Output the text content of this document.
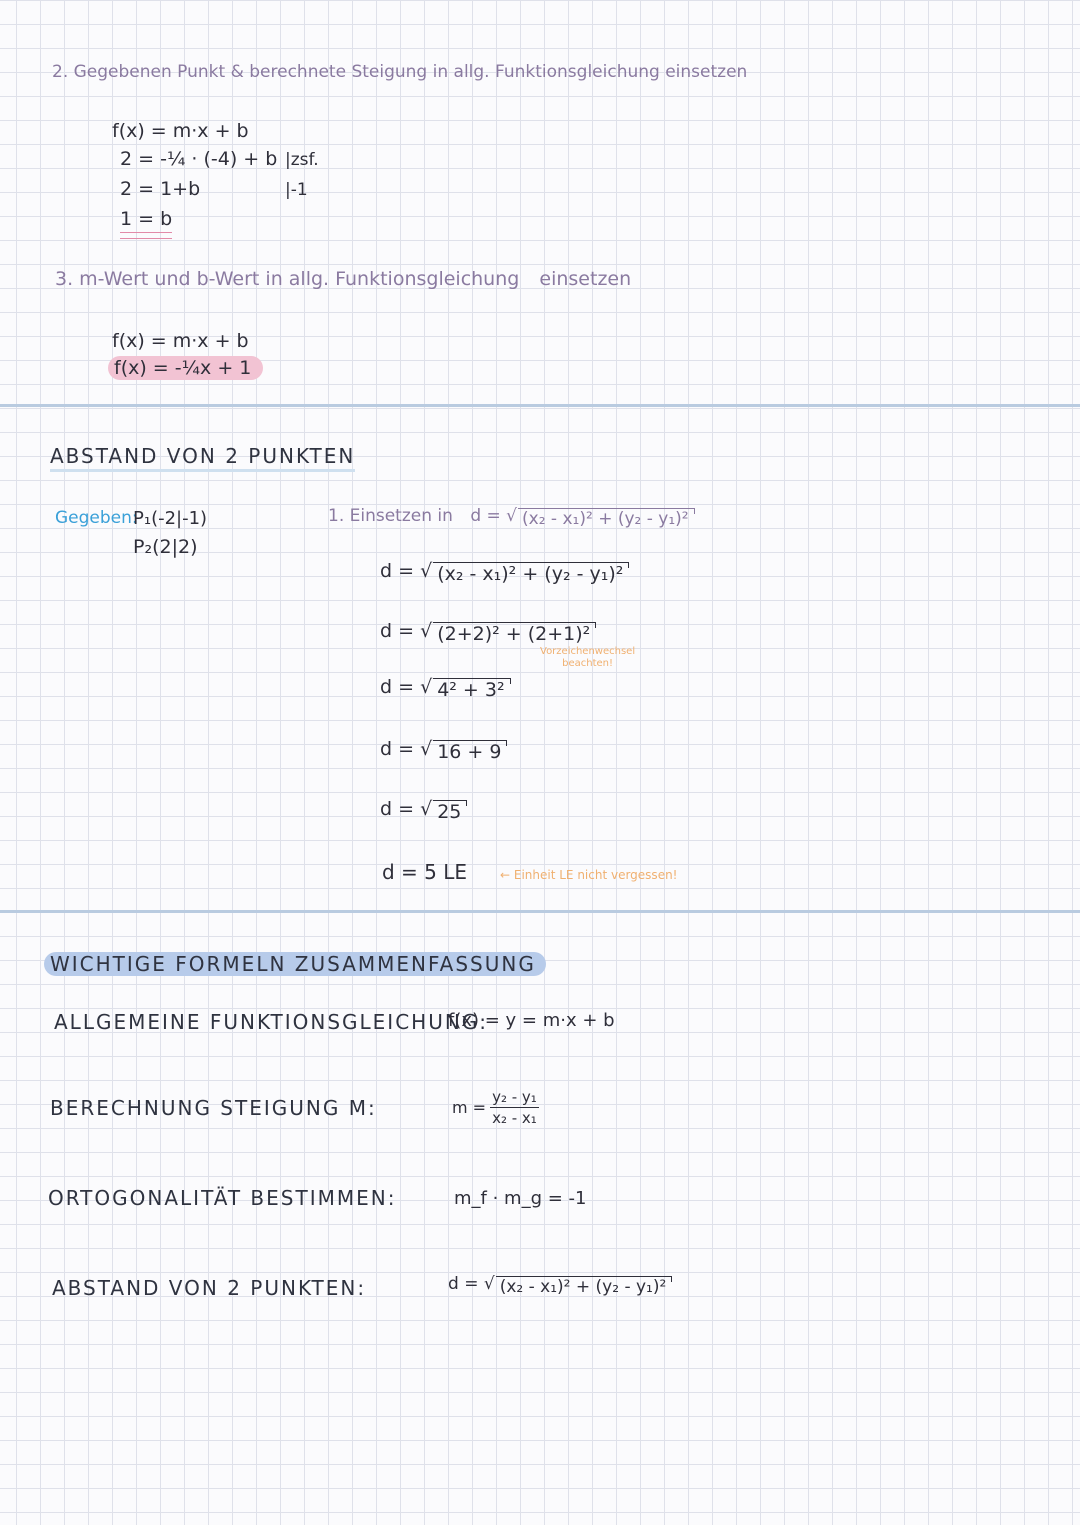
2. Gegebenen Punkt & berechnete Steigung in allg. Funktionsgleichung einsetzen
f(x) = m·x + b
2 = -¼ · (-4) + b
2 = 1+b
1 = b
|zsf.
|-1
3. m-Wert und b-Wert in allg. Funktionsgleichung einsetzen
f(x) = m·x + b
f(x) = -¼x + 1
ABSTAND VON 2 PUNKTEN
Gegeben:
P₁(-2|-1)
P₂(2|2)
1. Einsetzen in d = √ (x₂ - x₁)² + (y₂ - y₁)²
d = √ (x₂ - x₁)² + (y₂ - y₁)²
d = √ (2+2)² + (2+1)²
Vorzeichenwechsel
beachten!
d = √ 4² + 3²
d = √ 16 + 9
d = √ 25
d = 5 LE	← Einheit LE nicht vergessen!
WICHTIGE FORMELN ZUSAMMENFASSUNG
ALLGEMEINE FUNKTIONSGLEICHUNG:
f(x) = y = m·x + b
BERECHNUNG STEIGUNG M:	$m = \frac{\text{y₂ - y₁}}{\text{x₂ - x₁}}$
ORTOGONALITÄT BESTIMMEN:	m_f · m_g = -1
ABSTAND VON 2 PUNKTEN:	d = √ (x₂ - x₁)² + (y₂ - y₁)²
